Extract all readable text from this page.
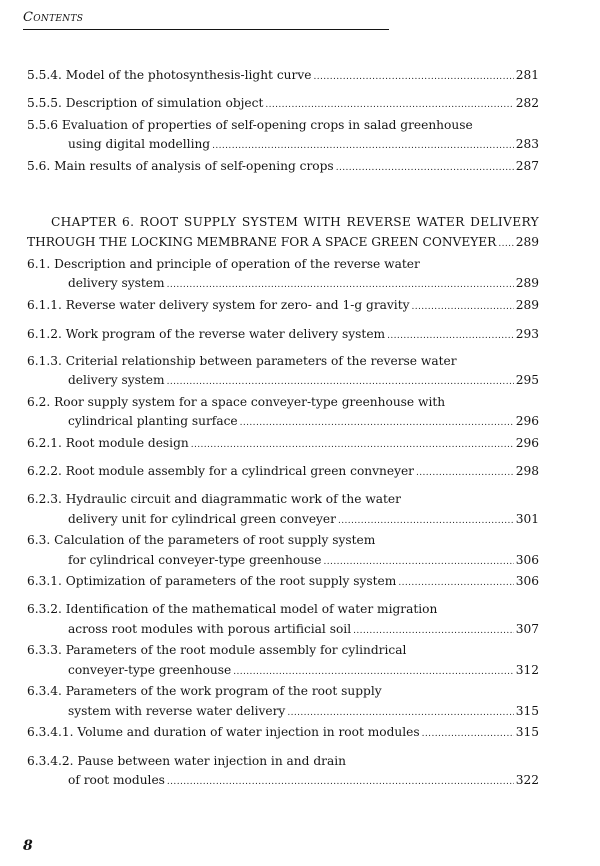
Contents
5.5.4. Model of the photosynthesis-light curve .....	281
5.5.5. Description of simulation object .....	282
5.5.6 Evaluation of properties of self-opening crops in salad greenhouse
using digital modelling .....	283
5.6. Main results of analysis of self-opening crops .....	287
CHAPTER 6. ROOT SUPPLY SYSTEM WITH REVERSE WATER DELIVERY
THROUGH THE LOCKING MEMBRANE FOR A SPACE GREEN CONVEYER ..... 289
6.1. Description and principle of operation of the reverse water
delivery system .....	289
6.1.1. Reverse water delivery system for zero- and 1-g gravity .....	289
6.1.2. Work program of the reverse water delivery system .....	293
6.1.3. Criterial relationship between parameters of the reverse water
delivery system .....	295
6.2. Roor supply system for a space conveyer-type greenhouse with
cylindrical planting surface .....	296
6.2.1. Root module design .....	296
6.2.2. Root module assembly for a cylindrical green convneyer .....	298
6.2.3. Hydraulic circuit and diagrammatic work of the water
delivery unit for cylindrical green conveyer .....	301
6.3. Calculation of the parameters of root supply system
for cylindrical conveyer-type greenhouse .....	306
6.3.1. Optimization of parameters of the root supply system .....	306
6.3.2. Identification of the mathematical model of water migration
across root modules with porous artificial soil .....	307
6.3.3. Parameters of the root module assembly for cylindrical
conveyer-type greenhouse .....	312
6.3.4. Parameters of the work program of the root supply
system with reverse water delivery .....	315
6.3.4.1. Volume and duration of water injection in root modules .....	315
6.3.4.2. Pause between water injection in and drain
of root modules .....	322
8
